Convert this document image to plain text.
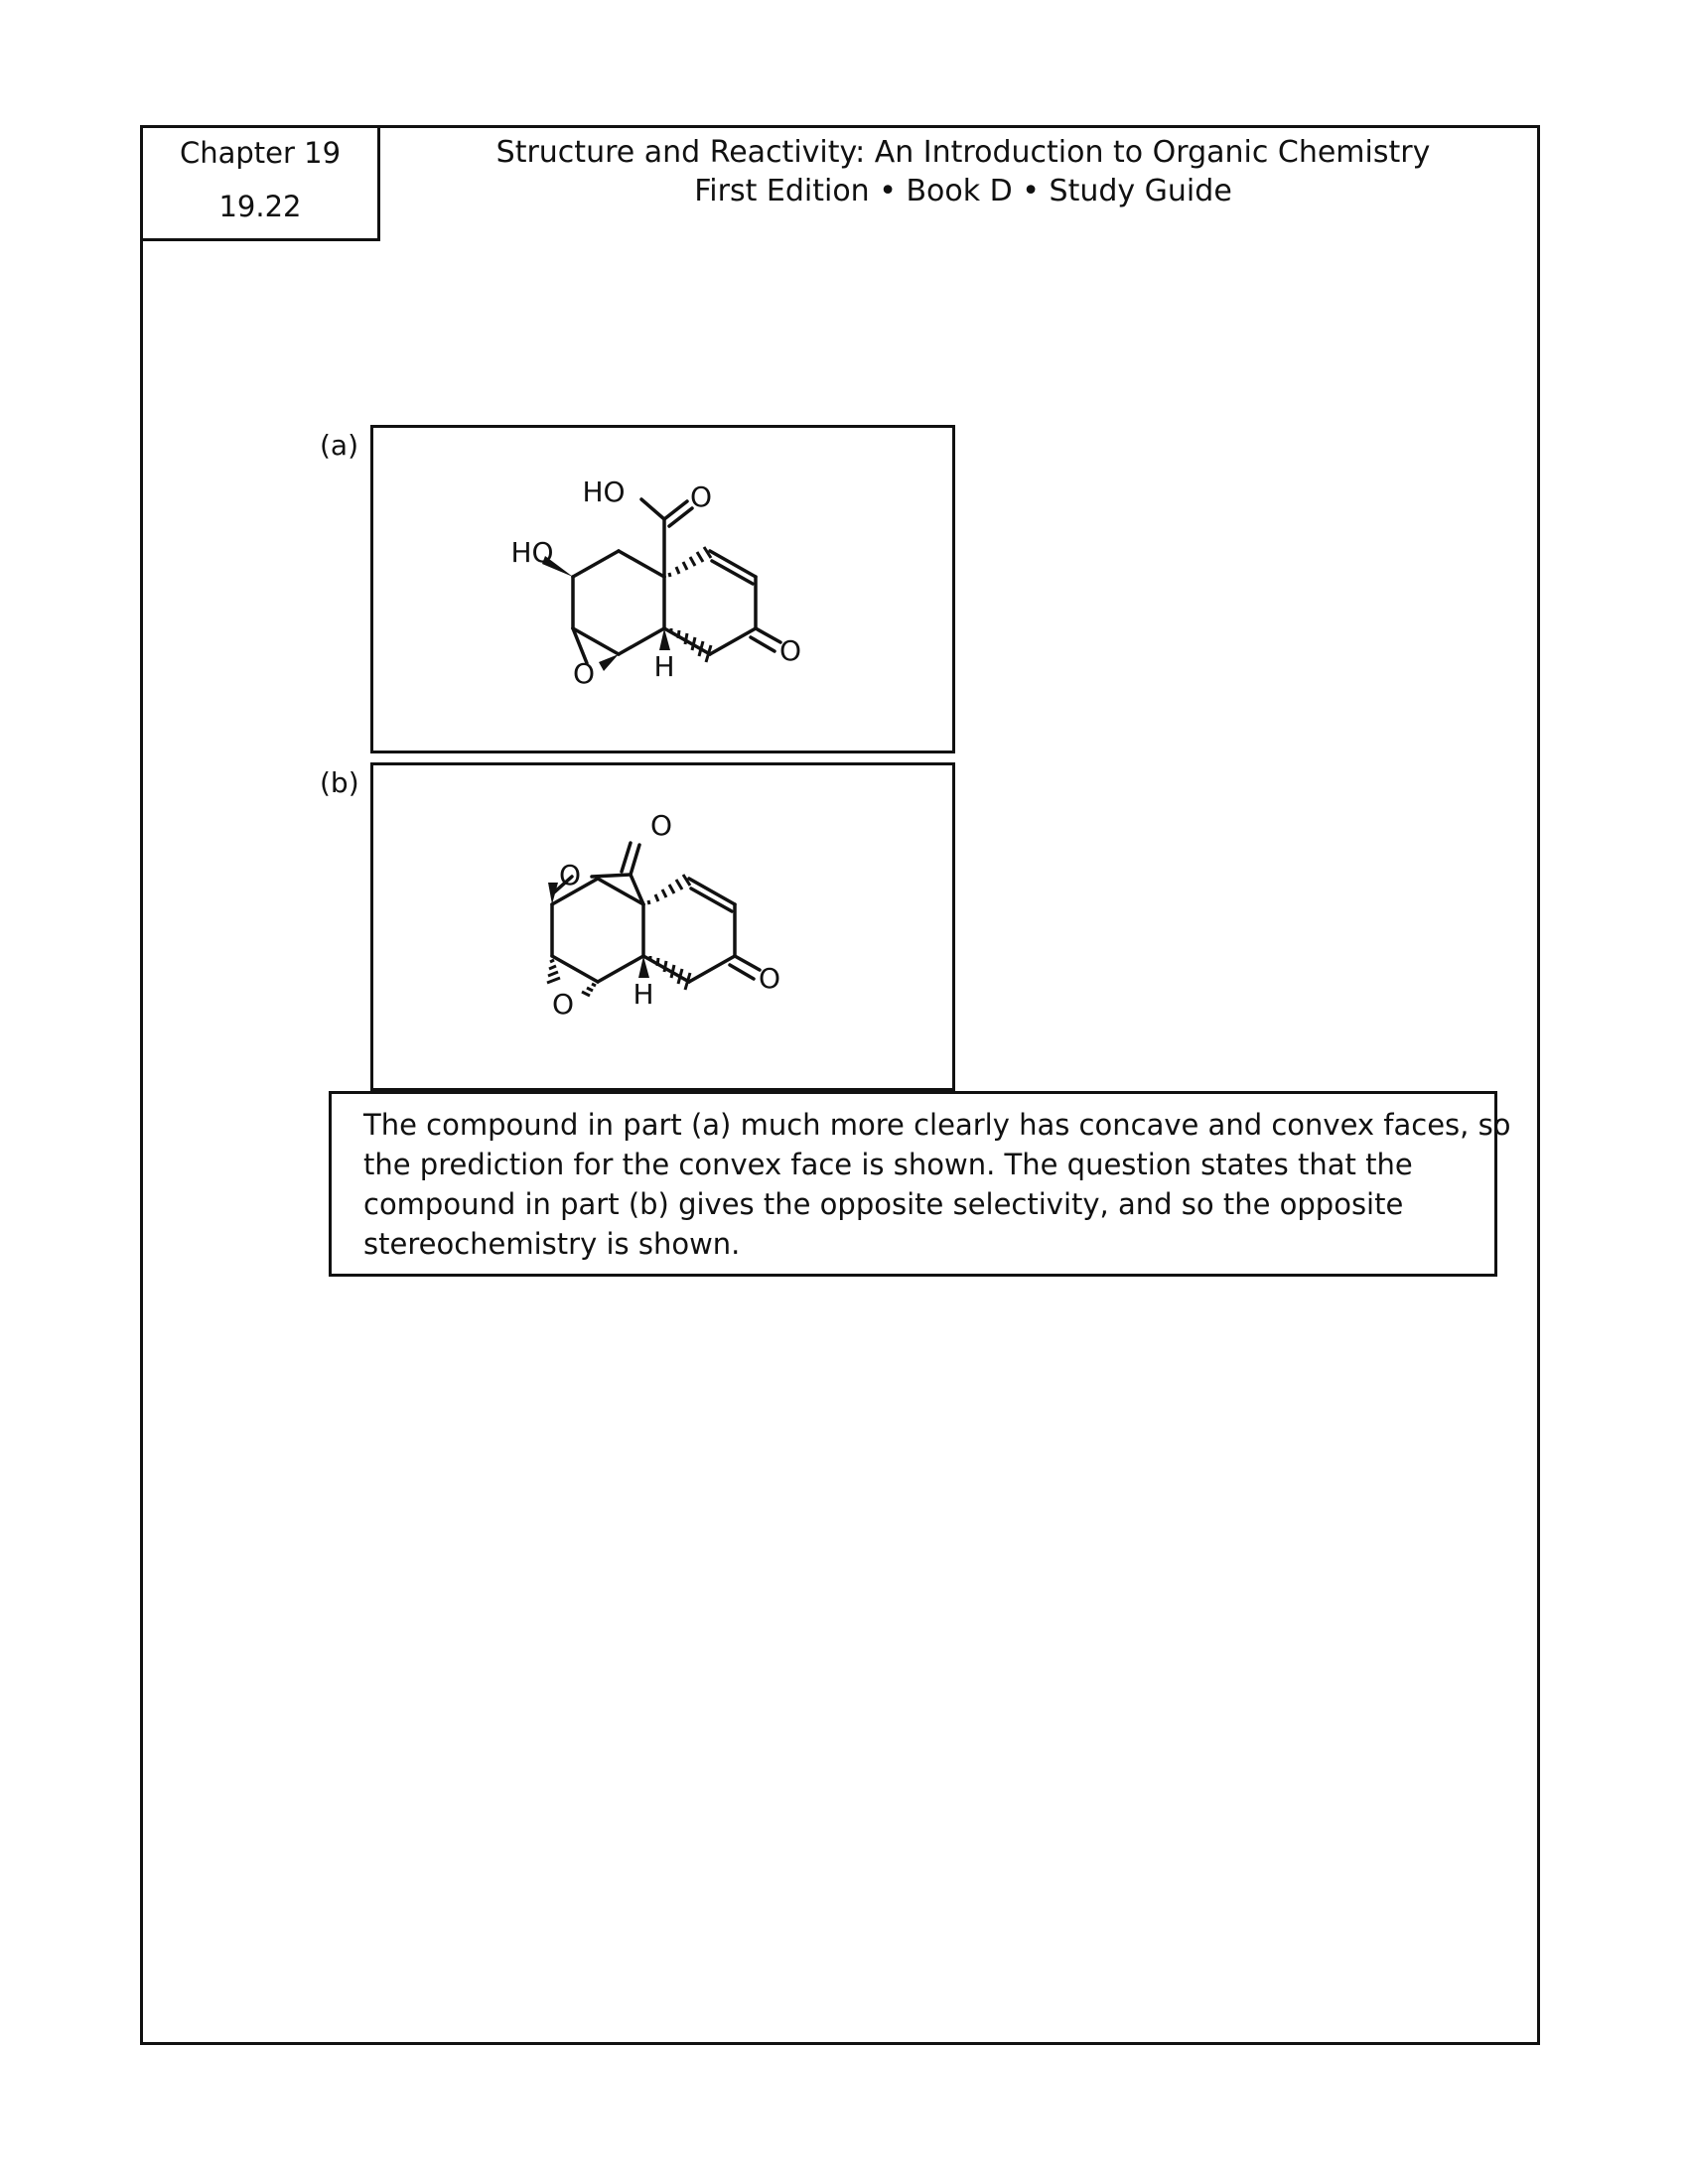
Chapter 19
19.22
Structure and Reactivity: An Introduction to Organic Chemistry
First Edition • Book D • Study Guide
(a)
HO O
HO
O H	O
(b)
O
O
O H	O
The compound in part (a) much more clearly has concave and convex faces, so
the prediction for the convex face is shown. The question states that the
compound in part (b) gives the opposite selectivity, and so the opposite
stereochemistry is shown.
